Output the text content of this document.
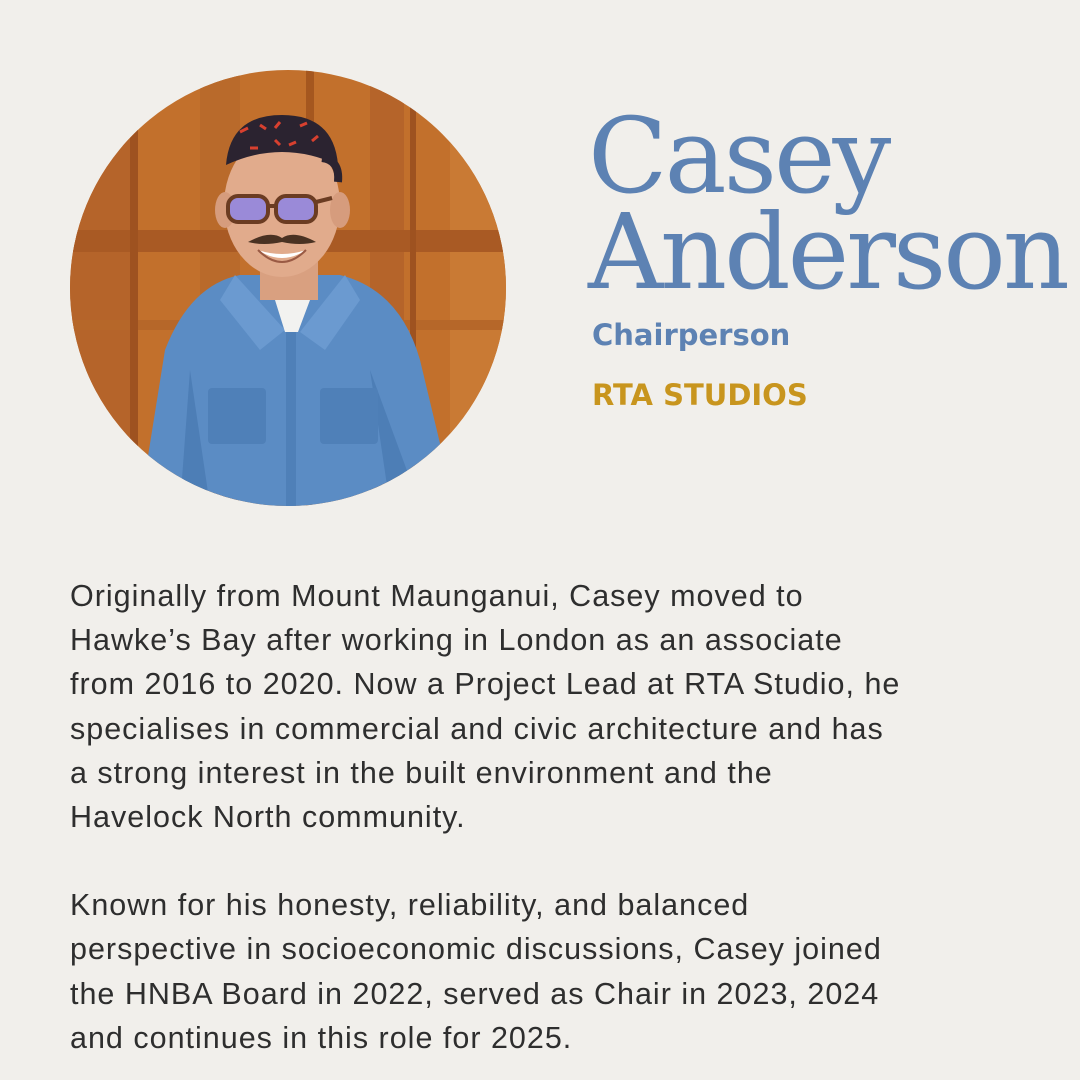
Casey
Anderson
Chairperson
RTA STUDIOS

Originally from Mount Maunganui, Casey moved to
Hawke’s Bay after working in London as an associate
from 2016 to 2020. Now a Project Lead at RTA Studio, he
specialises in commercial and civic architecture and has
a strong interest in the built environment and the
Havelock North community.

Known for his honesty, reliability, and balanced
perspective in socioeconomic discussions, Casey joined
the HNBA Board in 2022, served as Chair in 2023, 2024
and continues in this role for 2025.
